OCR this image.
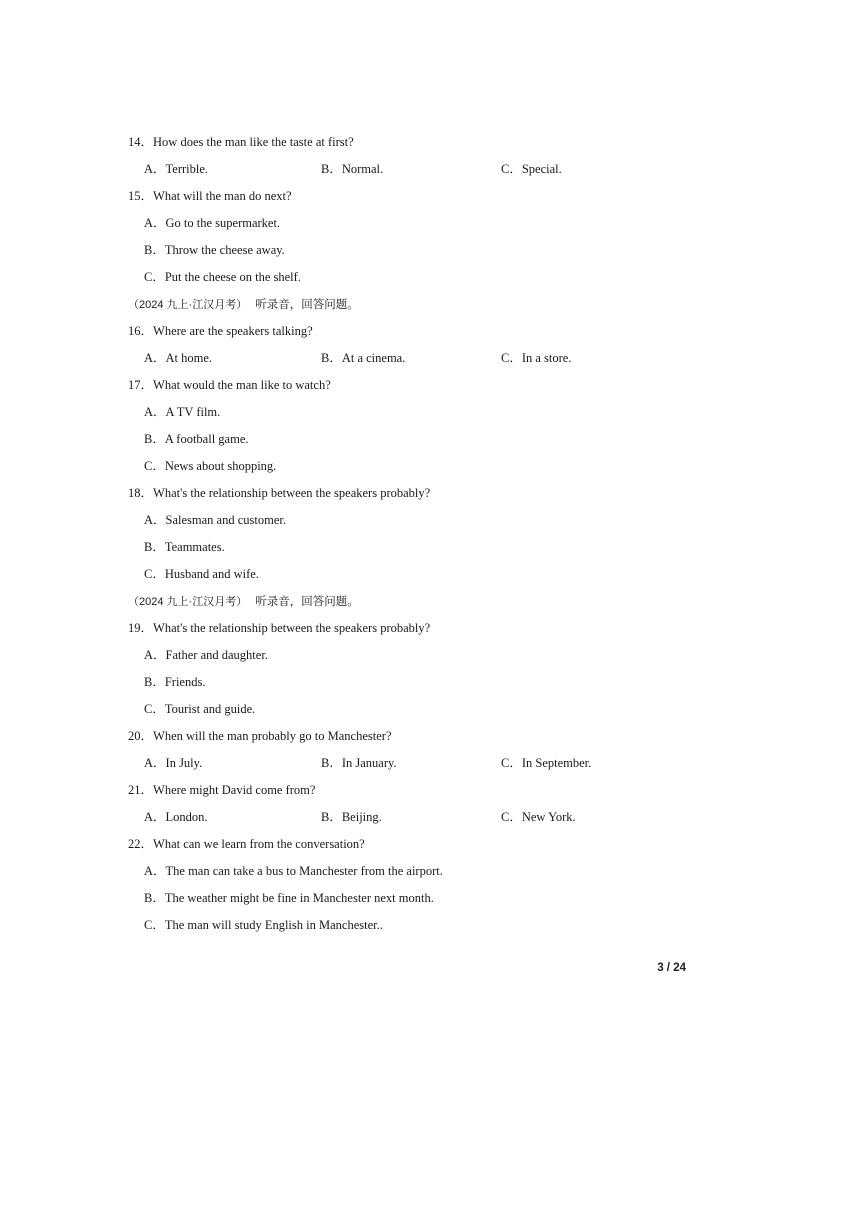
14．How does the man like the taste at first?
A．Terrible.	B．Normal.	C．Special.
15．What will the man do next?
A．Go to the supermarket.
B．Throw the cheese away.
C．Put the cheese on the shelf.
（2024 九上·江汉月考） 听录音，回答问题。
16．Where are the speakers talking?
A．At home.	B．At a cinema.	C．In a store.
17．What would the man like to watch?
A．A TV film.
B．A football game.
C．News about shopping.
18．What's the relationship between the speakers probably?
A．Salesman and customer.
B．Teammates.
C．Husband and wife.
（2024 九上·江汉月考） 听录音，回答问题。
19．What's the relationship between the speakers probably?
A．Father and daughter.
B．Friends.
C．Tourist and guide.
20．When will the man probably go to Manchester?
A．In July.	B．In January.	C．In September.
21．Where might David come from?
A．London.	B．Beijing.	C．New York.
22．What can we learn from the conversation?
A．The man can take a bus to Manchester from the airport.
B．The weather might be fine in Manchester next month.
C．The man will study English in Manchester..
3 / 24
